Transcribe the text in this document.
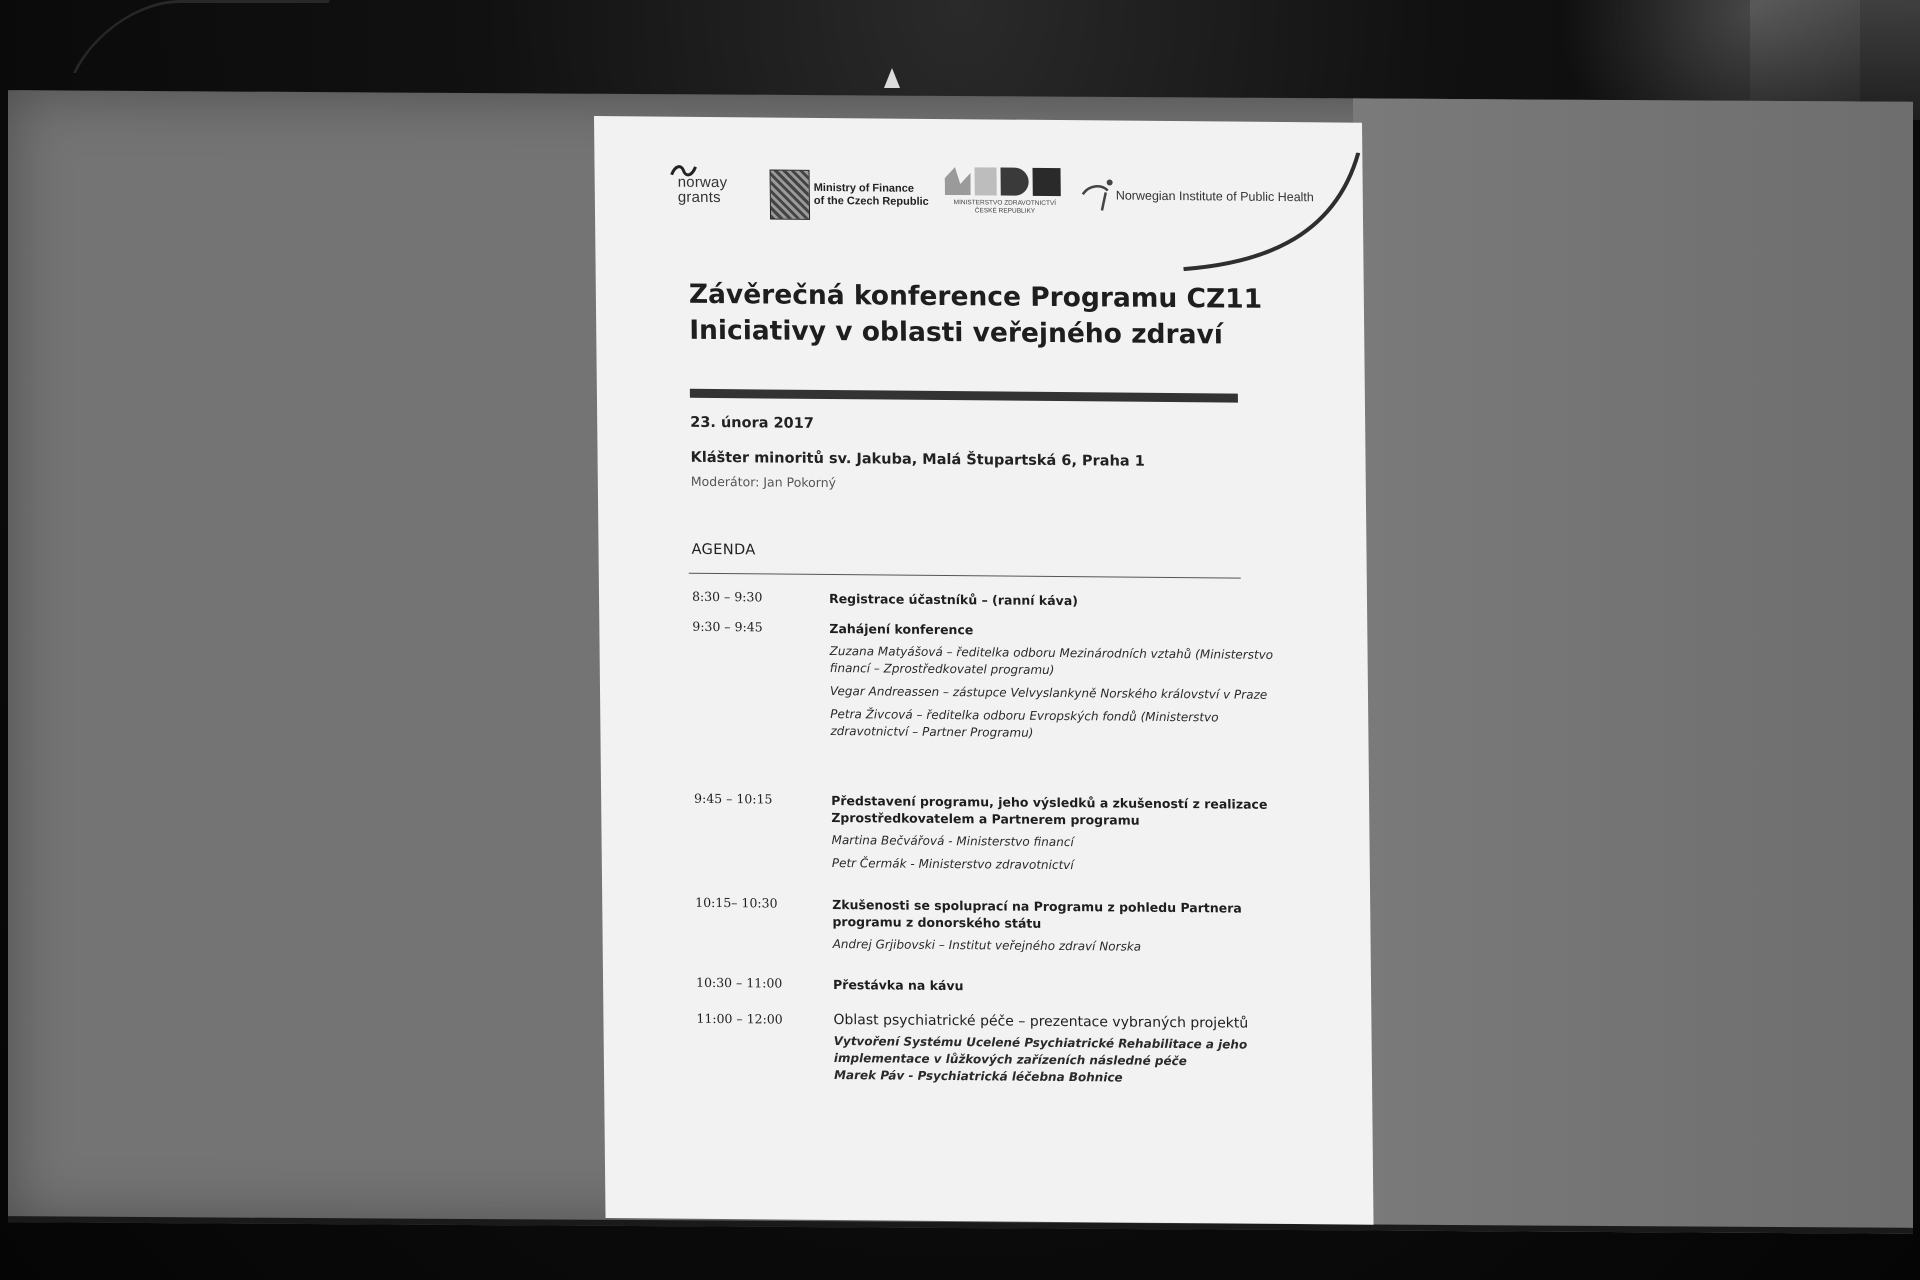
norway
grants
Ministry of Finance
of the Czech Republic	MINISTERSTVO ZDRAVOTNICTVÍ
ČESKÉ REPUBLIKY
Norwegian Institute of Public Health
Závěrečná konference Programu CZ11
Iniciativy v oblasti veřejného zdraví
23. února 2017
Klášter minoritů sv. Jakuba, Malá Štupartská 6, Praha 1
Moderátor: Jan Pokorný
AGENDA
8:30 – 9:30	Registrace účastníků – (ranní káva)
9:30 – 9:45	Zahájení konference
Zuzana Matyášová – ředitelka odboru Mezinárodních vztahů (Ministerstvo financí – Zprostředkovatel programu)
Vegar Andreassen – zástupce Velvyslankyně Norského království v Praze
Petra Živcová – ředitelka odboru Evropských fondů (Ministerstvo zdravotnictví – Partner Programu)
9:45 – 10:15	Představení programu, jeho výsledků a zkušeností z realizace Zprostředkovatelem a Partnerem programu
Martina Bečvářová - Ministerstvo financí
Petr Čermák - Ministerstvo zdravotnictví
10:15– 10:30	Zkušenosti se spoluprací na Programu z pohledu Partnera programu z donorského státu
Andrej Grjibovski – Institut veřejného zdraví Norska
10:30 – 11:00	Přestávka na kávu
11:00 – 12:00	Oblast psychiatrické péče – prezentace vybraných projektů
Vytvoření Systému Ucelené Psychiatrické Rehabilitace a jeho implementace v lůžkových zařízeních následné péče
Marek Páv - Psychiatrická léčebna Bohnice
